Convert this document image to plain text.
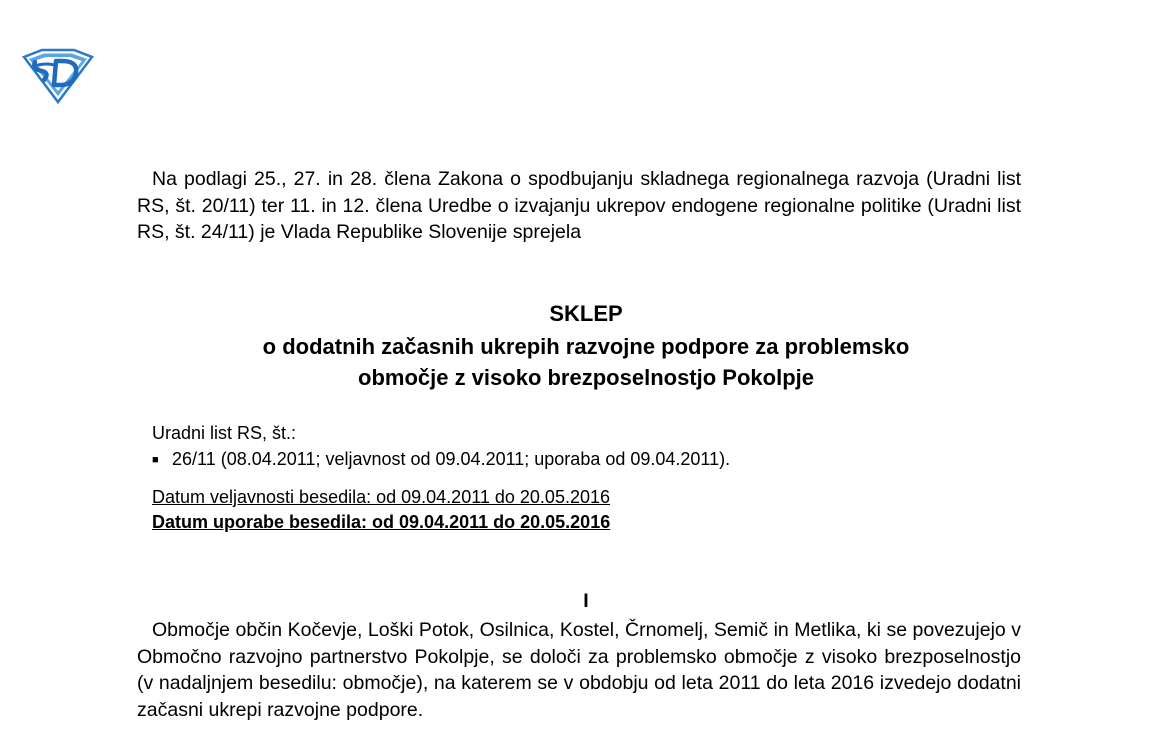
Na podlagi 25., 27. in 28. člena Zakona o spodbujanju skladnega regionalnega razvoja (Uradni list RS, št. 20/11) ter 11. in 12. člena Uredbe o izvajanju ukrepov endogene regionalne politike (Uradni list RS, št. 24/11) je Vlada Republike Slovenije sprejela
SKLEP
o dodatnih začasnih ukrepih razvojne podpore za problemsko
območje z visoko brezposelnostjo Pokolpje
Uradni list RS, št.:
■ 26/11 (08.04.2011; veljavnost od 09.04.2011; uporaba od 09.04.2011).
Datum veljavnosti besedila: od 09.04.2011 do 20.05.2016
Datum uporabe besedila: od 09.04.2011 do 20.05.2016
I
Območje občin Kočevje, Loški Potok, Osilnica, Kostel, Črnomelj, Semič in Metlika, ki se povezujejo v Območno razvojno partnerstvo Pokolpje, se določi za problemsko območje z visoko brezposelnostjo (v nadaljnjem besedilu: območje), na katerem se v obdobju od leta 2011 do leta 2016 izvedejo dodatni začasni ukrepi razvojne podpore.
